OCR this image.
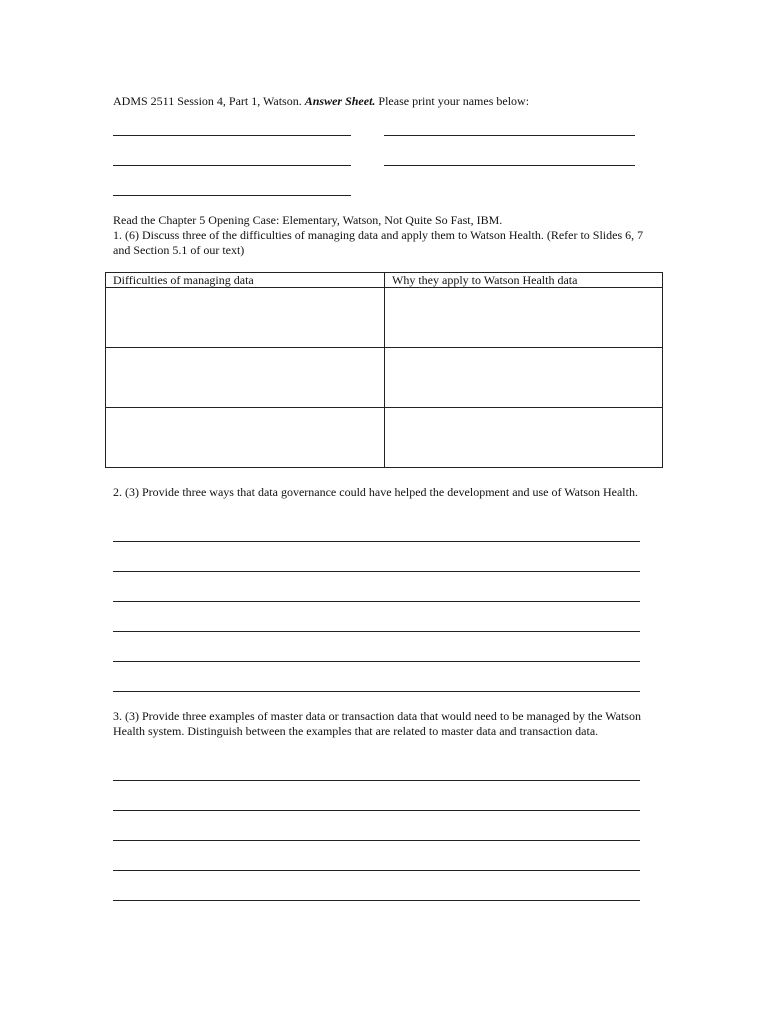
ADMS 2511 Session 4, Part 1, Watson. Answer Sheet. Please print your names below:
Read the Chapter 5 Opening Case: Elementary, Watson, Not Quite So Fast, IBM.
1. (6) Discuss three of the difficulties of managing data and apply them to Watson Health. (Refer to Slides 6, 7 and Section 5.1 of our text)
Difficulties of managing data	Why they apply to Watson Health data

2. (3) Provide three ways that data governance could have helped the development and use of Watson Health.
3. (3) Provide three examples of master data or transaction data that would need to be managed by the Watson Health system. Distinguish between the examples that are related to master data and transaction data.
